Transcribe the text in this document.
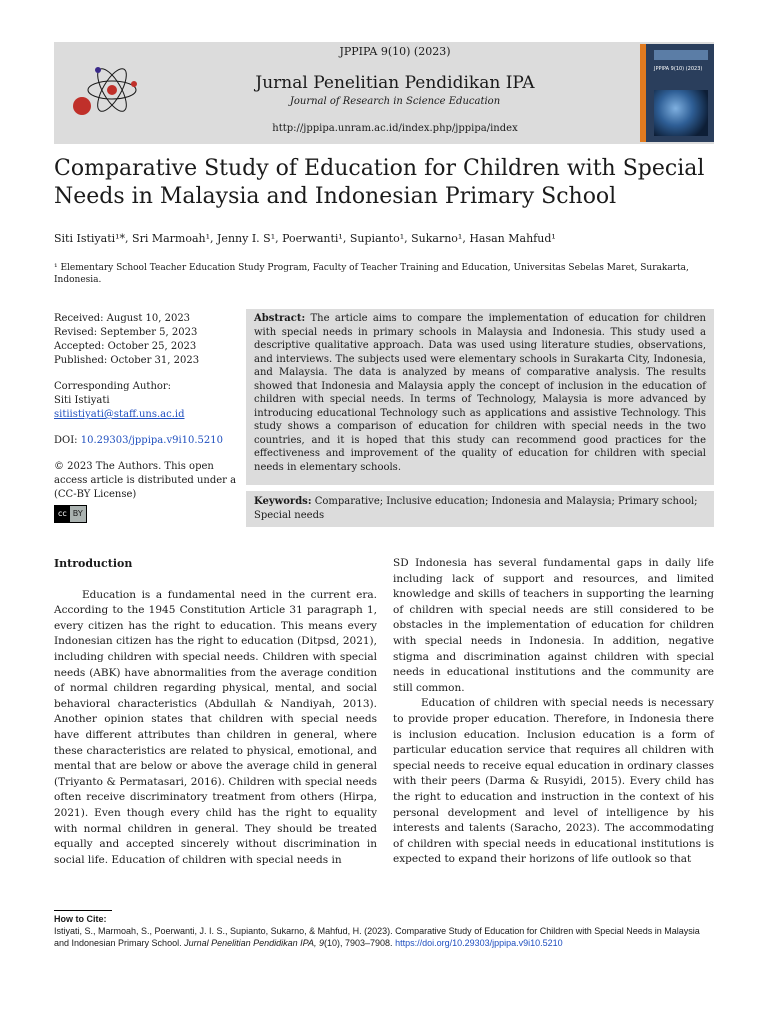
JPPIPA 9(10) (2023)
JPPIPA 9(10) (2023)
Jurnal Penelitian Pendidikan IPA
Journal of Research in Science Education
http://jppipa.unram.ac.id/index.php/jppipa/index
Comparative Study of Education for Children with Special Needs in Malaysia and Indonesian Primary School
Siti Istiyati¹*, Sri Marmoah¹, Jenny I. S¹, Poerwanti¹, Supianto¹, Sukarno¹, Hasan Mahfud¹
¹ Elementary School Teacher Education Study Program, Faculty of Teacher Training and Education, Universitas Sebelas Maret, Surakarta, Indonesia.

Received: August 10, 2023

Revised: September 5, 2023

Accepted: October 25, 2023

Published: October 31, 2023

Corresponding Author:

Siti Istiyati

sitiistiyati@staff.uns.ac.id

DOI: 10.29303/jppipa.v9i10.5210

© 2023 The Authors. This open access article is distributed under a (CC-BY License)

cc BY
Abstract: The article aims to compare the implementation of education for children with special needs in primary schools in Malaysia and Indonesia. This study used a descriptive qualitative approach. Data was used using literature studies, observations, and interviews. The subjects used were elementary schools in Surakarta City, Indonesia, and Malaysia. The data is analyzed by means of comparative analysis. The results showed that Indonesia and Malaysia apply the concept of inclusion in the education of children with special needs. In terms of Technology, Malaysia is more advanced by introducing educational Technology such as applications and assistive Technology. This study shows a comparison of education for children with special needs in the two countries, and it is hoped that this study can recommend good practices for the effectiveness and improvement of the quality of education for children with special needs in elementary schools.
Keywords: Comparative; Inclusive education; Indonesia and Malaysia; Primary school; Special needs

Introduction

Education is a fundamental need in the current era. According to the 1945 Constitution Article 31 paragraph 1, every citizen has the right to education. This means every Indonesian citizen has the right to education (Ditpsd, 2021), including children with special needs. Children with special needs (ABK) have abnormalities from the average condition of normal children regarding physical, mental, and social behavioral characteristics (Abdullah & Nandiyah, 2013). Another opinion states that children with special needs have different attributes than children in general, where these characteristics are related to physical, emotional, and mental that are below or above the average child in general (Triyanto & Permatasari, 2016). Children with special needs often receive discriminatory treatment from others (Hirpa, 2021). Even though every child has the right to equality with normal children in general. They should be treated equally and accepted sincerely without discrimination in social life. Education of children with special needs in

SD Indonesia has several fundamental gaps in daily life including lack of support and resources, and limited knowledge and skills of teachers in supporting the learning of children with special needs are still considered to be obstacles in the implementation of education for children with special needs in Indonesia. In addition, negative stigma and discrimination against children with special needs in educational institutions and the community are still common.

Education of children with special needs is necessary to provide proper education. Therefore, in Indonesia there is inclusion education. Inclusion education is a form of particular education service that requires all children with special needs to receive equal education in ordinary classes with their peers (Darma & Rusyidi, 2015). Every child has the right to education and instruction in the context of his personal development and level of intelligence by his interests and talents (Saracho, 2023). The accommodating of children with special needs in educational institutions is expected to expand their horizons of life outlook so that

How to Cite:
Istiyati, S., Marmoah, S., Poerwanti, J. I. S., Supianto, Sukarno, & Mahfud, H. (2023). Comparative Study of Education for Children with Special Needs in Malaysia and Indonesian Primary School. Jurnal Penelitian Pendidikan IPA, 9(10), 7903–7908. https://doi.org/10.29303/jppipa.v9i10.5210
